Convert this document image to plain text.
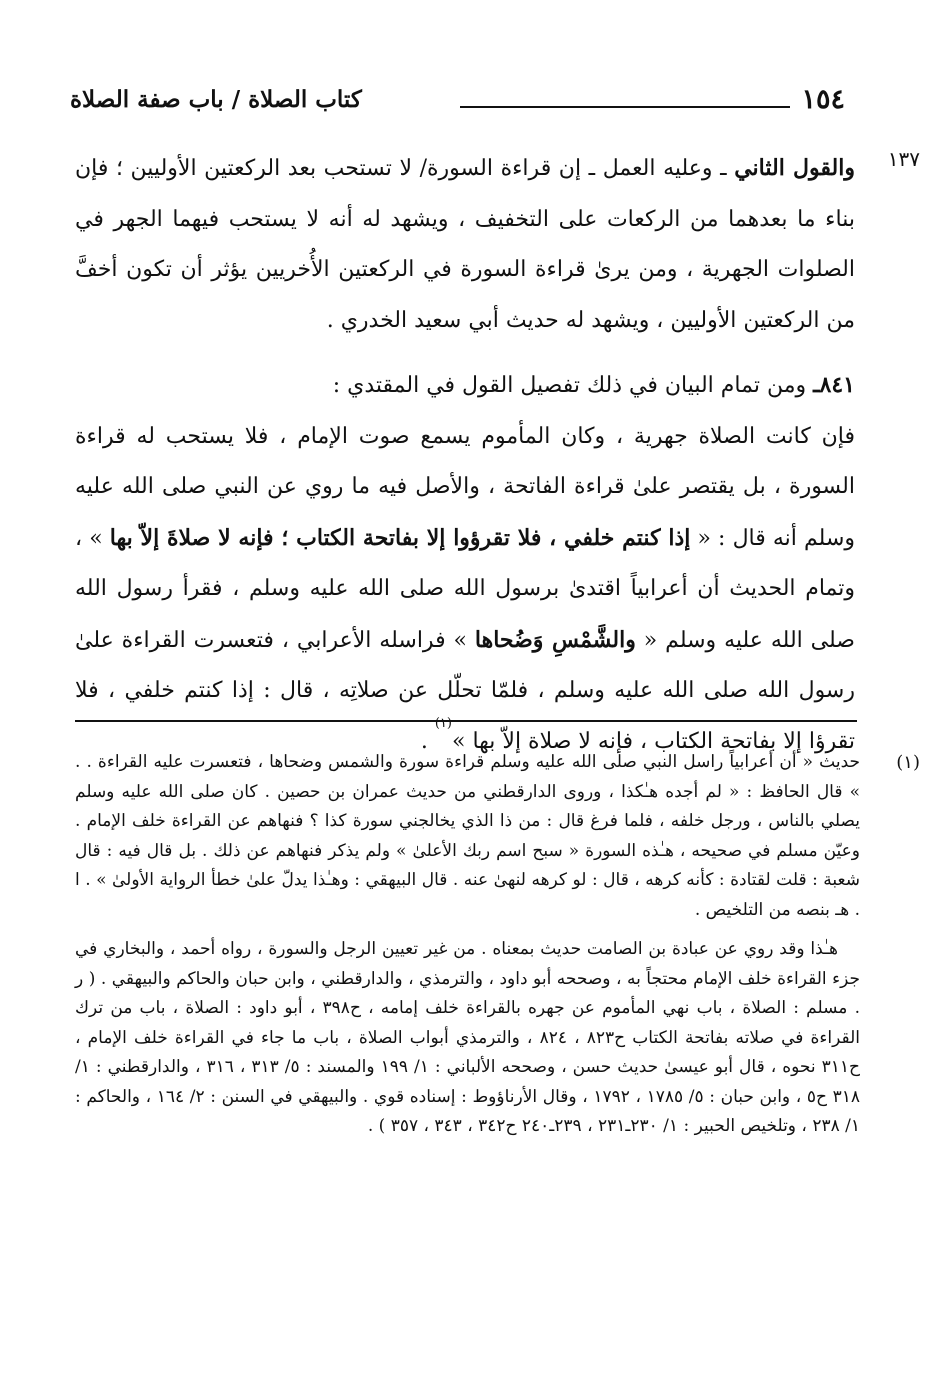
١٥٤
كتاب الصلاة / باب صفة الصلاة
١٣٧

والقول الثاني ـ وعليه العمل ـ إن قراءة السورة/ لا تستحب بعد الركعتين الأوليين ؛ فإن بناء ما بعدهما من الركعات على التخفيف ، ويشهد له أنه لا يستحب فيهما الجهر في الصلوات الجهرية ، ومن يرىٰ قراءة السورة في الركعتين الأُخريين يؤثر أن تكون أخفَّ من الركعتين الأوليين ، ويشهد له حديث أبي سعيد الخدري .

٨٤١ـ ومن تمام البيان في ذلك تفصيل القول في المقتدي :

فإن كانت الصلاة جهرية ، وكان المأموم يسمع صوت الإمام ، فلا يستحب له قراءة السورة ، بل يقتصر علىٰ قراءة الفاتحة ، والأصل فيه ما روي عن النبي صلى الله عليه وسلم أنه قال : « إذا كنتم خلفي ، فلا تقرؤوا إلا بفاتحة الكتاب ؛ فإنه لا صلاةَ إلاّ بها » ، وتمام الحديث أن أعرابياً اقتدىٰ برسول الله صلى الله عليه وسلم ، فقرأ رسول الله صلى الله عليه وسلم « والشَّمْسِ وَضُحاها » فراسله الأعرابي ، فتعسرت القراءة علىٰ رسول الله صلى الله عليه وسلم ، فلمّا تحلّل عن صلاتِه ، قال : إذا كنتم خلفي ، فلا تقرؤا إلا بفاتحة الكتاب ، فإنه لا صلاة إلاّ بها »$^{(١)}$ .

(١)

حديث « أن أعرابياً راسل النبي صلى الله عليه وسلم قراءة سورة والشمس وضحاها ، فتعسرت عليه القراءة . . » قال الحافظ : « لم أجده هـٰكذا ، وروى الدارقطني من حديث عمران بن حصين . كان صلى الله عليه وسلم يصلي بالناس ، ورجل خلفه ، فلما فرغ قال : من ذا الذي يخالجني سورة كذا ؟ فنهاهم عن القراءة خلف الإمام . وعيّن مسلم في صحيحه ، هـٰذه السورة « سبح اسم ربك الأعلىٰ » ولم يذكر فنهاهم عن ذلك . بل قال فيه : قال شعبة : قلت لقتادة : كأنه كرهه ، قال : لو كرهه لنهىٰ عنه . قال البيهقي : وهـٰذا يدلّ علىٰ خطأ الرواية الأولىٰ » . ا . هـ بنصه من التلخيص .

هـٰذا وقد روي عن عبادة بن الصامت حديث بمعناه . من غير تعيين الرجل والسورة ، رواه أحمد ، والبخاري في جزء القراءة خلف الإمام محتجاً به ، وصححه أبو داود ، والترمذي ، والدارقطني ، وابن حبان والحاكم والبيهقي . ( ر . مسلم : الصلاة ، باب نهي المأموم عن جهره بالقراءة خلف إمامه ، ح٣٩٨ ، أبو داود : الصلاة ، باب من ترك القراءة في صلاته بفاتحة الكتاب ح٨٢٣ ، ٨٢٤ ، والترمذي أبواب الصلاة ، باب ما جاء في القراءة خلف الإمام ، ح٣١١ نحوه ، قال أبو عيسىٰ حديث حسن ، وصححه الألباني : ١/ ١٩٩ والمسند : ٥/ ٣١٣ ، ٣١٦ ، والدارقطني : ١/ ٣١٨ ح٥ ، وابن حبان : ٥/ ١٧٨٥ ، ١٧٩٢ ، وقال الأرناؤوط : إسناده قوي . والبيهقي في السنن : ٢/ ١٦٤ ، والحاكم : ١/ ٢٣٨ ، وتلخيص الحبير : ١/ ٢٣٠ـ٢٣١ ، ٢٣٩ـ٢٤٠ ح٣٤٢ ، ٣٤٣ ، ٣٥٧ ) .
